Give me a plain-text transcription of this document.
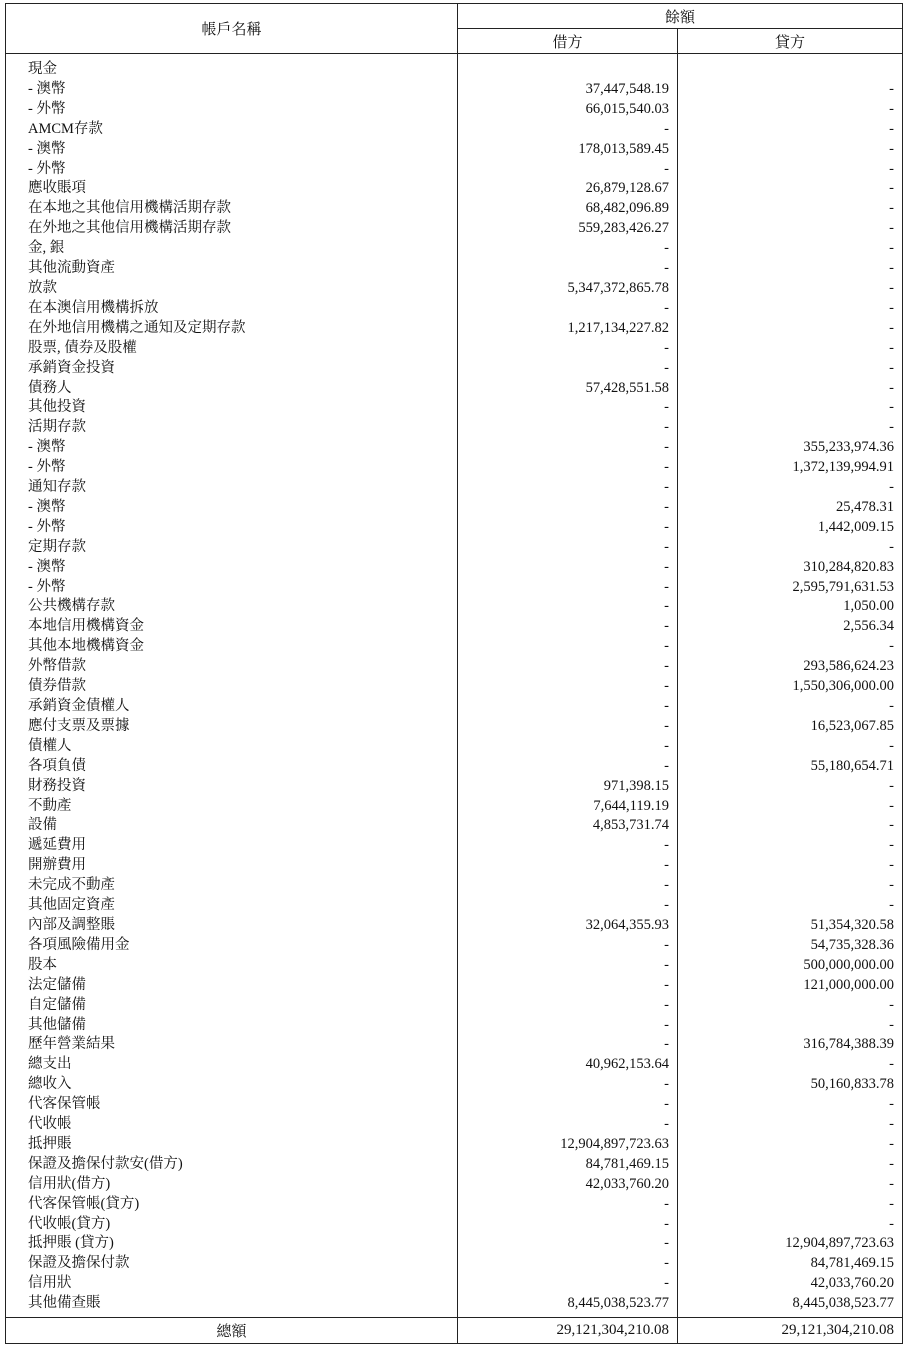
帳戶名稱	餘額	
	借方	貸方
現金		
- 澳幣	37,447,548.19	-
- 外幣	66,015,540.03	-
AMCM存款	-	-
- 澳幣	178,013,589.45	-
- 外幣	-	-
應收賬項	26,879,128.67	-
在本地之其他信用機構活期存款	68,482,096.89	-
在外地之其他信用機構活期存款	559,283,426.27	-
金, 銀	-	-
其他流動資產	-	-
放款	5,347,372,865.78	-
在本澳信用機構拆放	-	-
在外地信用機構之通知及定期存款	1,217,134,227.82	-
股票, 債券及股權	-	-
承銷資金投資	-	-
債務人	57,428,551.58	-
其他投資	-	-
活期存款	-	-
- 澳幣	-	355,233,974.36
- 外幣	-	1,372,139,994.91
通知存款	-	-
- 澳幣	-	25,478.31
- 外幣	-	1,442,009.15
定期存款	-	-
- 澳幣	-	310,284,820.83
- 外幣	-	2,595,791,631.53
公共機構存款	-	1,050.00
本地信用機構資金	-	2,556.34
其他本地機構資金	-	-
外幣借款	-	293,586,624.23
債券借款	-	1,550,306,000.00
承銷資金債權人	-	-
應付支票及票據	-	16,523,067.85
債權人	-	-
各項負債	-	55,180,654.71
財務投資	971,398.15	-
不動產	7,644,119.19	-
設備	4,853,731.74	-
遞延費用	-	-
開辦費用	-	-
未完成不動產	-	-
其他固定資產	-	-
內部及調整賬	32,064,355.93	51,354,320.58
各項風險備用金	-	54,735,328.36
股本	-	500,000,000.00
法定儲備	-	121,000,000.00
自定儲備	-	-
其他儲備	-	-
歷年營業結果	-	316,784,388.39
總支出	40,962,153.64	-
總收入	-	50,160,833.78
代客保管帳	-	-
代收帳	-	-
抵押賬	12,904,897,723.63	-
保證及擔保付款安(借方)	84,781,469.15	-
信用狀(借方)	42,033,760.20	-
代客保管帳(貸方)	-	-
代收帳(貸方)	-	-
抵押賬 (貸方)	-	12,904,897,723.63
保證及擔保付款	-	84,781,469.15
信用狀	-	42,033,760.20
其他備查賬	8,445,038,523.77	8,445,038,523.77
總額	29,121,304,210.08	29,121,304,210.08
